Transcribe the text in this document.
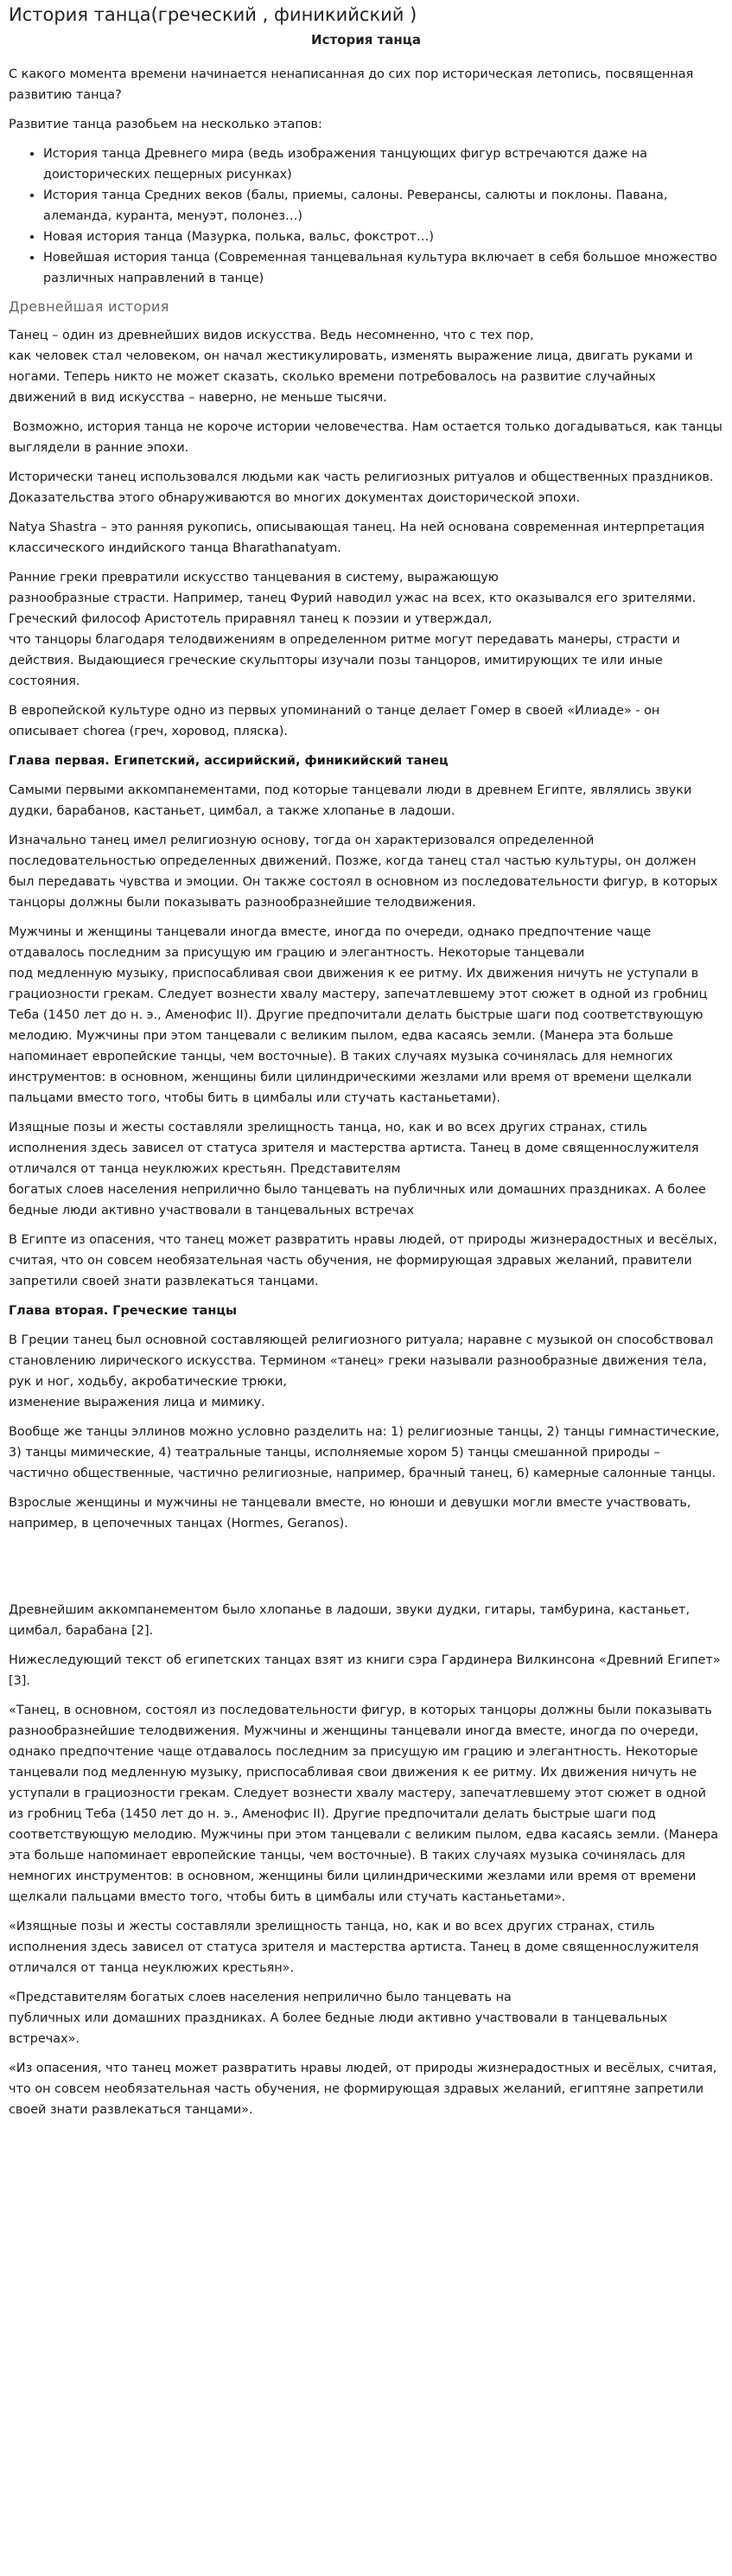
История танца(греческий , финикийский )
История танца

С какого момента времени начинается ненаписанная до сих пор историческая летопись, посвященная развитию танца?

Развитие танца разобьем на несколько этапов:

• История танца Древнего мира (ведь изображения танцующих фигур встречаются даже на доисторических пещерных рисунках)
• История танца Средних веков (балы, приемы, салоны. Реверансы, салюты и поклоны. Павана, алеманда, куранта, менуэт, полонез…)
• Новая история танца (Мазурка, полька, вальс, фокстрот…)
• Новейшая история танца (Современная танцевальная культура включает в себя большое множество различных направлений в танце)
Древнейшая история

Танец – один из древнейших видов искусства. Ведь несомненно, что с тех пор,

как человек стал человеком, он начал жестикулировать, изменять выражение лица, двигать руками и ногами. Теперь никто не может сказать, сколько времени потребовалось на развитие случайных движений в вид искусства – наверно, не меньше тысячи.

Возможно, история танца не короче истории человечества. Нам остается только догадываться, как танцы выглядели в ранние эпохи.

Исторически танец использовался людьми как часть религиозных ритуалов и общественных праздников. Доказательства этого обнаруживаются во многих документах доисторической эпохи.

Natya Shastra – это ранняя рукопись, описывающая танец. На ней основана современная интерпретация классического индийского танца Bharathanatyam.

Ранние греки превратили искусство танцевания в систему, выражающую

разнообразные страсти. Например, танец Фурий наводил ужас на всех, кто оказывался его зрителями. Греческий философ Аристотель приравнял танец к поэзии и утверждал,

что танцоры благодаря телодвижениям в определенном ритме могут передавать манеры, страсти и действия. Выдающиеся греческие скульпторы изучали позы танцоров, имитирующих те или иные состояния.

В европейской культуре одно из первых упоминаний о танце делает Гомер в своей «Илиаде» - он описывает chorea (греч, хоровод, пляска).

Глава первая. Египетский, ассирийский, финикийский танец

Самыми первыми аккомпанементами, под которые танцевали люди в древнем Египте, являлись звуки дудки, барабанов, кастаньет, цимбал, а также хлопанье в ладоши.

Изначально танец имел религиозную основу, тогда он характеризовался определенной последовательностью определенных движений. Позже, когда танец стал частью культуры, он должен был передавать чувства и эмоции. Он также состоял в основном из последовательности фигур, в которых танцоры должны были показывать разнообразнейшие телодвижения.

Мужчины и женщины танцевали иногда вместе, иногда по очереди, однако предпочтение чаще отдавалось последним за присущую им грацию и элегантность. Некоторые танцевали

под медленную музыку, приспосабливая свои движения к ее ритму. Их движения ничуть не уступали в грациозности грекам. Следует вознести хвалу мастеру, запечатлевшему этот сюжет в одной из гробниц Теба (1450 лет до н. э., Аменофис II). Другие предпочитали делать быстрые шаги под соответствующую мелодию. Мужчины при этом танцевали с великим пылом, едва касаясь земли. (Манера эта больше напоминает европейские танцы, чем восточные). В таких случаях музыка сочинялась для немногих инструментов: в основном, женщины били цилиндрическими жезлами или время от времени щелкали пальцами вместо того, чтобы бить в цимбалы или стучать кастаньетами).

Изящные позы и жесты составляли зрелищность танца, но, как и во всех других странах, стиль исполнения здесь зависел от статуса зрителя и мастерства артиста. Танец в доме священнослужителя отличался от танца неуклюжих крестьян. Представителям

богатых слоев населения неприлично было танцевать на публичных или домашних праздниках. А более бедные люди активно участвовали в танцевальных встречах

В Египте из опасения, что танец может развратить нравы людей, от природы жизнерадостных и весёлых, считая, что он совсем необязательная часть обучения, не формирующая здравых желаний, правители запретили своей знати развлекаться танцами.

Глава вторая. Греческие танцы

В Греции танец был основной составляющей религиозного ритуала; наравне с музыкой он способствовал становлению лирического искусства. Термином «танец» греки называли разнообразные движения тела, рук и ног, ходьбу, акробатические трюки,

изменение выражения лица и мимику.

Вообще же танцы эллинов можно условно разделить на: 1) религиозные танцы, 2) танцы гимнастические, 3) танцы мимические, 4) театральные танцы, исполняемые хором 5) танцы смешанной природы – частично общественные, частично религиозные, например, брачный танец, 6) камерные салонные танцы.

Взрослые женщины и мужчины не танцевали вместе, но юноши и девушки могли вместе участвовать, например, в цепочечных танцах (Hormes, Geranos).

Древнейшим аккомпанементом было хлопанье в ладоши, звуки дудки, гитары, тамбурина, кастаньет, цимбал, барабана [2].

Нижеследующий текст об египетских танцах взят из книги сэра Гардинера Вилкинсона «Древний Египет» [3].

«Танец, в основном, состоял из последовательности фигур, в которых танцоры должны были показывать разнообразнейшие телодвижения. Мужчины и женщины танцевали иногда вместе, иногда по очереди, однако предпочтение чаще отдавалось последним за присущую им грацию и элегантность. Некоторые танцевали под медленную музыку, приспосабливая свои движения к ее ритму. Их движения ничуть не уступали в грациозности грекам. Следует вознести хвалу мастеру, запечатлевшему этот сюжет в одной из гробниц Теба (1450 лет до н. э., Аменофис II). Другие предпочитали делать быстрые шаги под соответствующую мелодию. Мужчины при этом танцевали с великим пылом, едва касаясь земли. (Манера эта больше напоминает европейские танцы, чем восточные). В таких случаях музыка сочинялась для немногих инструментов: в основном, женщины били цилиндрическими жезлами или время от времени щелкали пальцами вместо того, чтобы бить в цимбалы или стучать кастаньетами».

«Изящные позы и жесты составляли зрелищность танца, но, как и во всех других странах, стиль исполнения здесь зависел от статуса зрителя и мастерства артиста. Танец в доме священнослужителя отличался от танца неуклюжих крестьян».

«Представителям богатых слоев населения неприлично было танцевать на

публичных или домашних праздниках. А более бедные люди активно участвовали в танцевальных встречах».

«Из опасения, что танец может развратить нравы людей, от природы жизнерадостных и весёлых, считая, что он совсем необязательная часть обучения, не формирующая здравых желаний, египтяне запретили своей знати развлекаться танцами».
